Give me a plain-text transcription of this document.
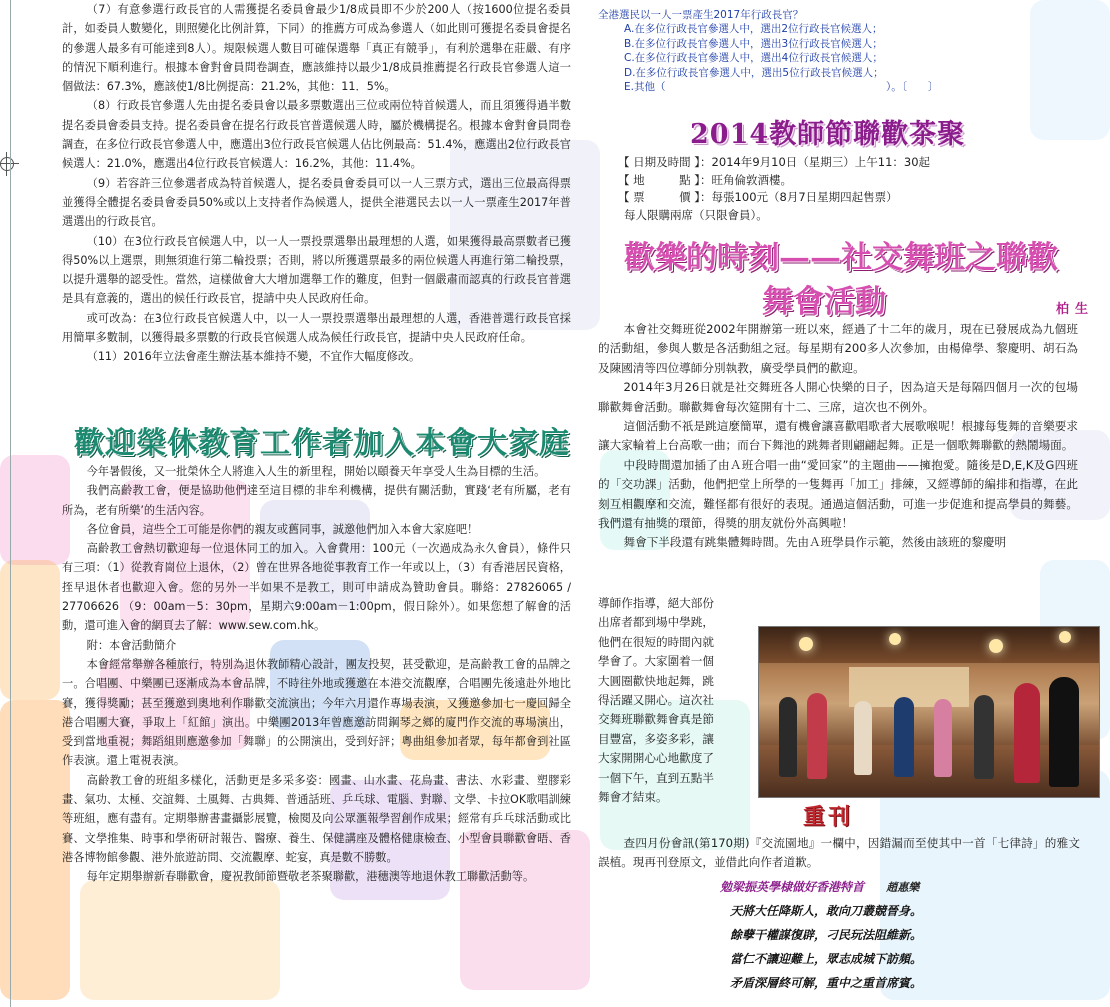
（7）有意參選行政長官的人需獲提名委員會最少1/8成員即不少於200人（按1600位提名委員計，如委員人數變化，則照變化比例計算，下同）的推薦方可成為參選人（如此則可獲提名委員會提名的參選人最多有可能達到8人）。規限候選人數目可確保選舉「真正有競爭」，有利於選舉在莊嚴、有序的情況下順利進行。根據本會對會員問卷調查，應該維持以最少1/8成員推薦提名行政長官參選人這一個做法：67.3%，應該使1/8比例提高：21.2%，其他：11．5%。

（8）行政長官參選人先由提名委員會以最多票數選出三位或兩位特首候選人，而且須獲得過半數提名委員會委員支持。提名委員會在提名行政長官普選候選人時，屬於機構提名。根據本會對會員問卷調查，在多位行政長官參選人中，應選出3位行政長官候選人佔比例最高：51.4%，應選出2位行政長官候選人：21.0%，應選出4位行政長官候選人：16.2%，其他：11.4%。

（9）若容許三位參選者成為特首候選人，提名委員會委員可以一人三票方式，選出三位最高得票並獲得全體提名委員會委員50%或以上支持者作為候選人，提供全港選民去以一人一票產生2017年普選選出的行政長官。

（10）在3位行政長官候選人中，以一人一票投票選舉出最理想的人選，如果獲得最高票數者已獲得50%以上選票，則無須進行第二輪投票；否則，將以所獲選票最多的兩位候選人再進行第二輪投票，以提升選舉的認受性。當然，這樣做會大大增加選舉工作的難度，但對一個嚴肅而認真的行政長官普選是具有意義的，選出的候任行政長官，提請中央人民政府任命。

或可改為：在3位行政長官候選人中，以一人一票投票選舉出最理想的人選，香港普選行政長官採用簡單多數制，以獲得最多票數的行政長官候選人成為候任行政長官，提請中央人民政府任命。

（11）2016年立法會產生辦法基本維持不變，不宜作大幅度修改。

歡迎榮休教育工作者加入本會大家庭

今年暑假後，又一批榮休仝人將進入人生的新里程，開始以頤養天年享受人生為目標的生活。

我們高齡教工會，便是協助他們達至這目標的非牟利機構，提供有關活動，實踐‘老有所屬，老有所為，老有所樂’的生活內容。

各位會員，這些仝工可能是你們的親友或舊同事，誠邀他們加入本會大家庭吧！

高齡教工會熱切歡迎每一位退休同工的加入。入會費用：100元（一次過成為永久會員），條件只有三項：（1）從教育崗位上退休，（2）曾在世界各地從事教育工作一年或以上，（3）有香港居民資格，挃早退休者也歡迎入會。您的另外一半如果不是教工，則可申請成為贊助會員。聯絡：27826065 / 27706626 （9：00am－5：30pm，星期六9:00am－1:00pm，假日除外）。如果您想了解會的活動，還可進入會的網頁去了解：www.sew.com.hk。

附：本會活動簡介

本會經常舉辦各種旅行，特別為退休教師精心設計，團友投契，甚受歡迎，是高齡教工會的品牌之一。合唱團、中樂團已逐漸成為本會品牌，不時往外地或獲邀在本港交流觀摩，合唱團先後遠赴外地比賽，獲得獎勵；甚至獲邀到奧地利作聯歡交流演出；今年六月還作專場表演，又獲邀參加七一慶回歸全港合唱團大賽，爭取上「紅館」演出。中樂團2013年曾應邀訪問鋼琴之鄉的廈門作交流的專場演出，受到當地重視；舞蹈組則應邀參加「舞聯」的公開演出，受到好評；粵曲組參加者眾，每年都會到社區作表演。還上電視表演。

高齡教工會的班組多樣化，活動更是多采多姿：國畫、山水畫、花鳥畫、書法、水彩畫、塑膠彩畫、氣功、太極、交誼舞、土風舞、古典舞、普通話班、乒乓球、電腦、對聯、文學、卡拉OK歌唱訓練等班組，應有盡有。定期舉辦書畫攝影展覽，檢閱及向公眾滙報學習創作成果；經常有乒乓球活動或比賽、文學推集、時事和學術研討報告、醫療、養生、保健講座及體格健康檢查、小型會員聯歡會晤、香港各博物館參觀、港外旅遊訪問、交流觀摩、蛇宴，真是數不勝數。

每年定期舉辦新春聯歡會，慶祝教師節暨敬老茶聚聯歡，港穗澳等地退休教工聯歡活動等。

全港選民以一人一票產生2017年行政長官？

A.在多位行政長官參選人中，選出2位行政長官候選人；

B.在多位行政長官參選人中，選出3位行政長官候選人；

C.在多位行政長官參選人中，選出4位行政長官候選人；

D.在多位行政長官參選人中，選出5位行政長官候選人；

E.其他（　　　　　　　　　　　　　　　　　　　　　）。〔　　〕

2014教師節聯歡茶聚

【 日期及時間 】：2014年9月10日（星期三）上午11：30起

【 地　　　點 】：旺角倫敦酒樓。

【 票　　　價 】：每張100元（8月7日星期四起售票）

每人限購兩席（只限會員）。

歡樂的時刻——社交舞班之聯歡
舞會活動	柏生

本會社交舞班從2002年開辦第一班以來，經過了十二年的歲月，現在已發展成為九個班的活動組，參與人數是各活動組之冠。每星期有200多人次參加，由楊偉學、黎慶明、胡石為及陳國清等四位導師分別執教，廣受學員們的歡迎。

2014年3月26日就是社交舞班各人開心快樂的日子，因為這天是每隔四個月一次的包場聯歡舞會活動。聯歡舞會每次筵開有十二、三席，這次也不例外。

這個活動不祇是跳這麼簡單，還有機會讓喜歡唱歌者大展歌喉呢！根據每隻舞的音樂要求讓大家輪着上台高歌一曲；而台下舞池的跳舞者則翩翩起舞。正是一個歌舞聯歡的熱鬧場面。

中段時間還加插了由Ａ班合唱一曲“愛回家”的主題曲——擁抱愛。隨後是D,E,K及G四班的「交功課」活動，他們把堂上所學的一隻舞再「加工」排練，又經導師的編排和指導，在此刻互相觀摩和交流，難怪都有很好的表現。通過這個活動，可進一步促進和提高學員的舞藝。我們還有抽獎的環節，得獎的朋友就份外高興啦！

舞會下半段還有跳集體舞時間。先由Ａ班學員作示範，然後由該班的黎慶明

導師作指導，絕大部份

出席者都到場中學跳，

他們在很短的時間內就

學會了。大家圍着一個

大圓圈歡快地起舞，跳

得活躍又開心。這次社

交舞班聯歡舞會真是節

目豐富，多姿多彩，讓

大家開開心心地歡度了

一個下午，直到五點半

舞會才結束。

重刊

查四月份會訊(第170期)『交流園地』一欄中，因錯漏而至使其中一首「七律詩」的雅文誤植。現再刊登原文，並借此向作者道歉。

勉梁振英學棣做好香港特首 趙惠樂

天將大任降斯人，敢向刀叢競晉身。

餘孽干權謀復辟，刁民玩法阻維新。

當仁不讓迎難上，眾志成城下訪頻。

矛盾深層終可解，重中之重首席賓。
